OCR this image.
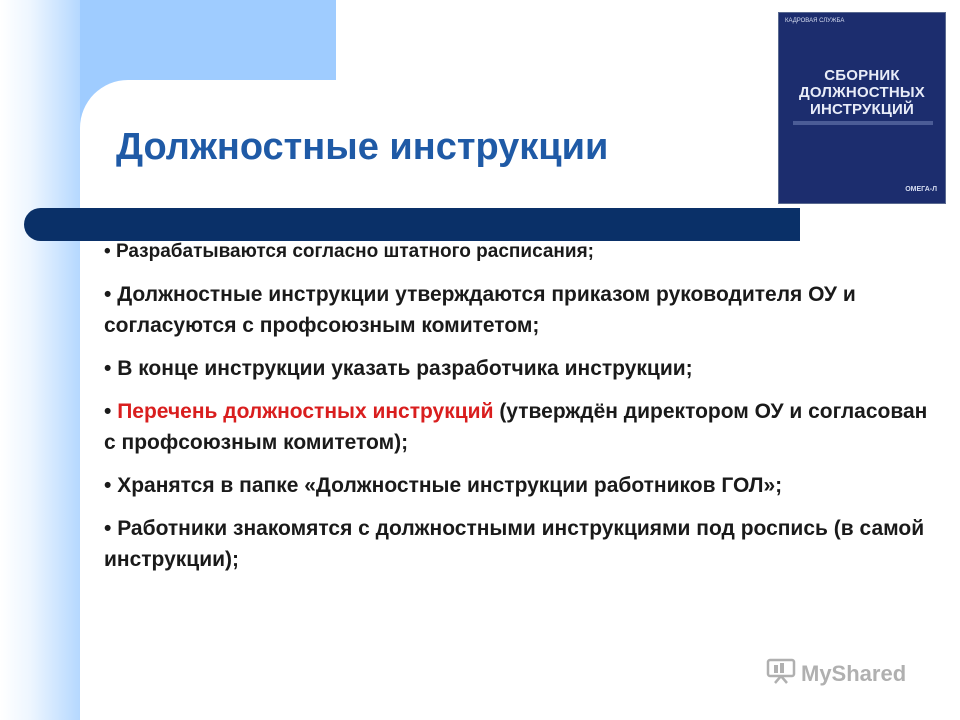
Должностные инструкции
КАДРОВАЯ СЛУЖБА
СБОРНИК
ДОЛЖНОСТНЫХ
ИНСТРУКЦИЙ
ОМЕГА-Л

• Разрабатываются согласно штатного расписания;

• Должностные инструкции утверждаются приказом руководителя ОУ и согласуются с профсоюзным комитетом;

• В конце инструкции указать разработчика инструкции;

• Перечень должностных инструкций (утверждён директором ОУ и согласован с профсоюзным комитетом);

• Хранятся в папке «Должностные инструкции работников ГОЛ»;

• Работники знакомятся с должностными инструкциями под роспись (в самой инструкции);

MyShared
